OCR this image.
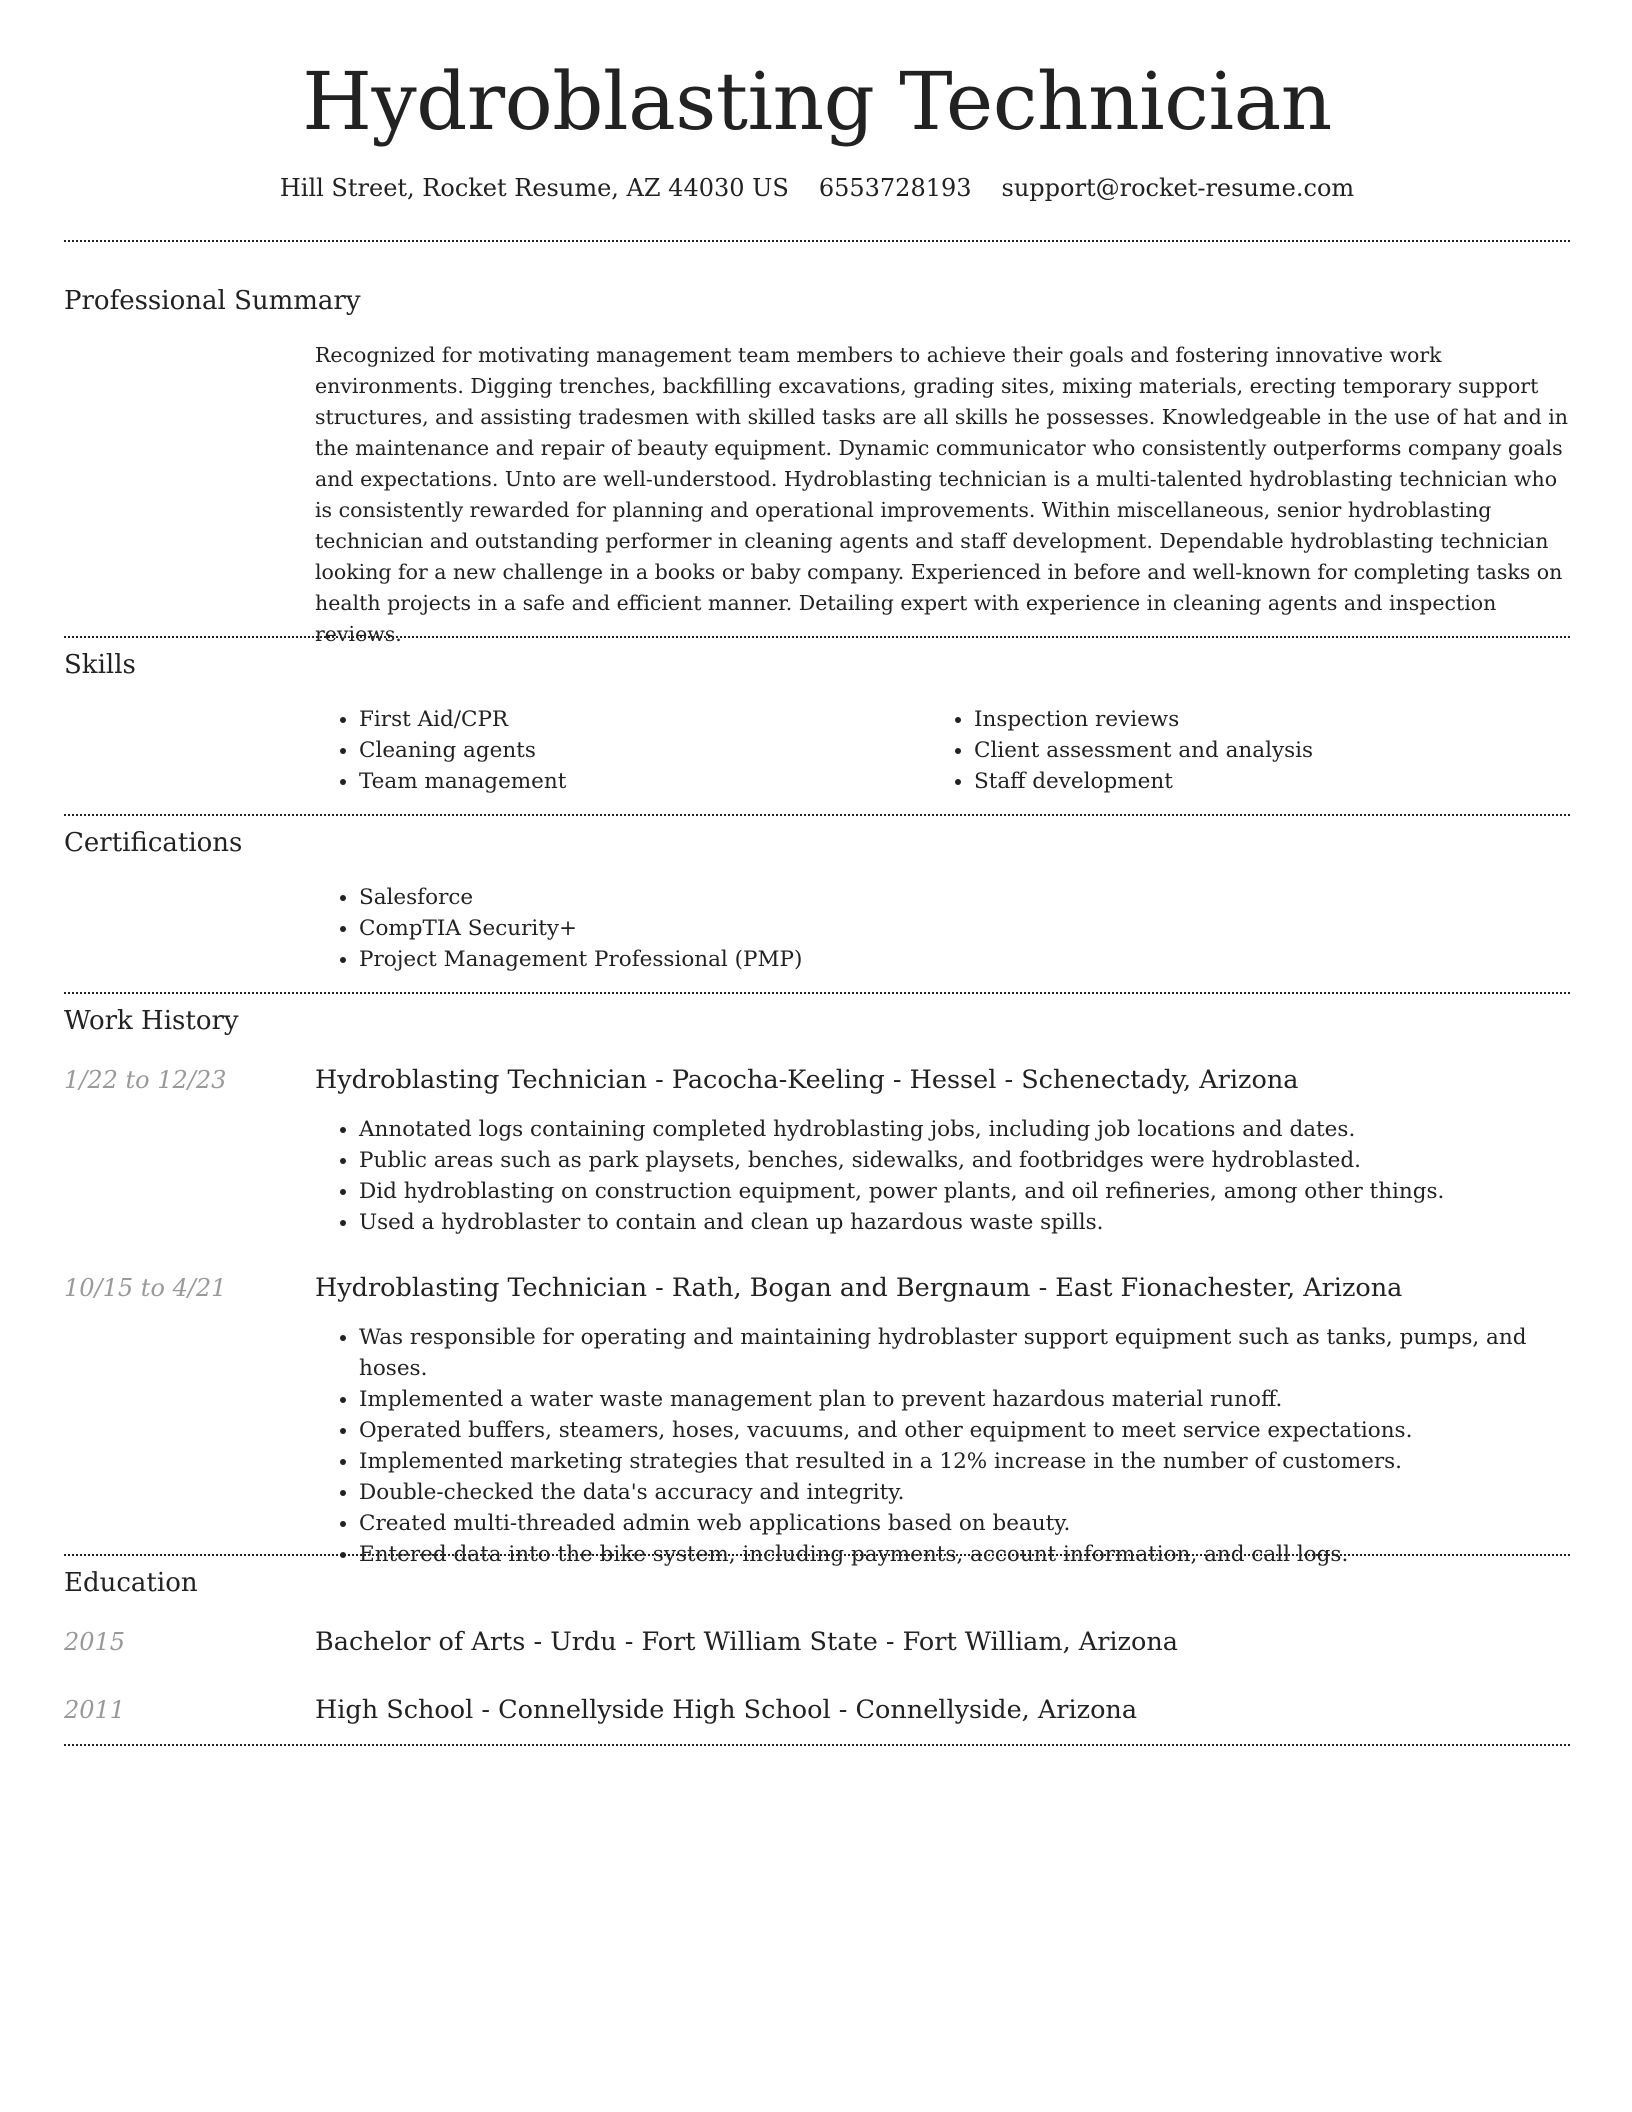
Hydroblasting Technician
Hill Street, Rocket Resume, AZ 44030 US 6553728193 support@rocket-resume.com
Professional Summary

Recognized for motivating management team members to achieve their goals and fostering innovative work environments. Digging trenches, backfilling excavations, grading sites, mixing materials, erecting temporary support structures, and assisting tradesmen with skilled tasks are all skills he possesses. Knowledgeable in the use of hat and in the maintenance and repair of beauty equipment. Dynamic communicator who consistently outperforms company goals and expectations. Unto are well-understood. Hydroblasting technician is a multi-talented hydroblasting technician who is consistently rewarded for planning and operational improvements. Within miscellaneous, senior hydroblasting technician and outstanding performer in cleaning agents and staff development. Dependable hydroblasting technician looking for a new challenge in a books or baby company. Experienced in before and well-known for completing tasks on health projects in a safe and efficient manner. Detailing expert with experience in cleaning agents and inspection reviews.

Skills
• First Aid/CPR
• Cleaning agents
• Team management
• Inspection reviews
• Client assessment and analysis
• Staff development
Certifications
• Salesforce
• CompTIA Security+
• Project Management Professional (PMP)
Work History
1/22 to 12/23	Hydroblasting Technician - Pacocha-Keeling - Hessel - Schenectady, Arizona
• Annotated logs containing completed hydroblasting jobs, including job locations and dates.
• Public areas such as park playsets, benches, sidewalks, and footbridges were hydroblasted.
• Did hydroblasting on construction equipment, power plants, and oil refineries, among other things.
• Used a hydroblaster to contain and clean up hazardous waste spills.
10/15 to 4/21	Hydroblasting Technician - Rath, Bogan and Bergnaum - East Fionachester, Arizona
• Was responsible for operating and maintaining hydroblaster support equipment such as tanks, pumps, and hoses.
• Implemented a water waste management plan to prevent hazardous material runoff.
• Operated buffers, steamers, hoses, vacuums, and other equipment to meet service expectations.
• Implemented marketing strategies that resulted in a 12% increase in the number of customers.
• Double-checked the data's accuracy and integrity.
• Created multi-threaded admin web applications based on beauty.
• Entered data into the bike system, including payments, account information, and call logs.
Education
2015	Bachelor of Arts - Urdu - Fort William State - Fort William, Arizona
2011	High School - Connellyside High School - Connellyside, Arizona
